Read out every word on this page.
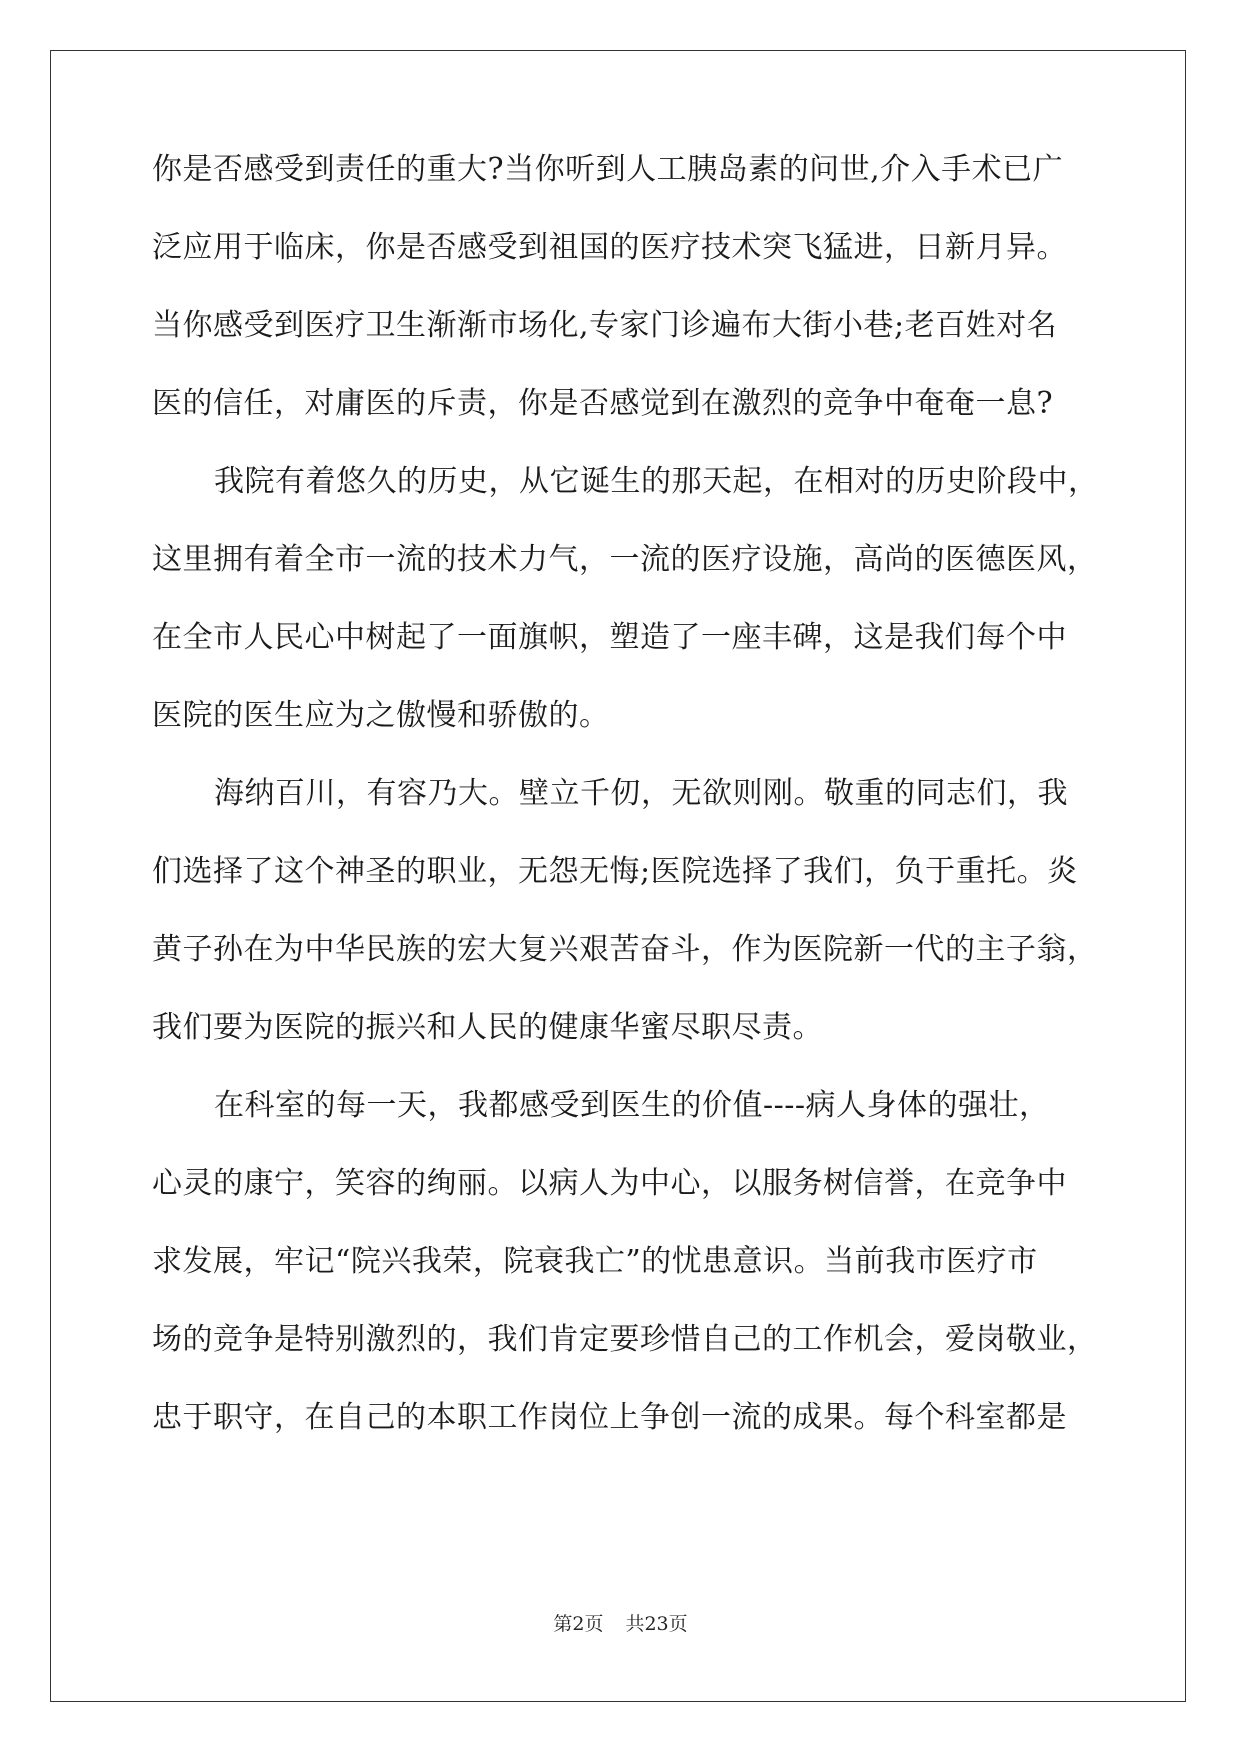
你是否感受到责任的重大?当你听到人工胰岛素的问世,介入手术已广
泛应用于临床，你是否感受到祖国的医疗技术突飞猛进，日新月异。
当你感受到医疗卫生渐渐市场化,专家门诊遍布大街小巷;老百姓对名
医的信任，对庸医的斥责，你是否感觉到在激烈的竞争中奄奄一息?
我院有着悠久的历史，从它诞生的那天起，在相对的历史阶段中，
这里拥有着全市一流的技术力气，一流的医疗设施，高尚的医德医风，
在全市人民心中树起了一面旗帜，塑造了一座丰碑，这是我们每个中
医院的医生应为之傲慢和骄傲的。
海纳百川，有容乃大。壁立千仞，无欲则刚。敬重的同志们，我
们选择了这个神圣的职业，无怨无悔;医院选择了我们，负于重托。炎
黄子孙在为中华民族的宏大复兴艰苦奋斗，作为医院新一代的主子翁，
我们要为医院的振兴和人民的健康华蜜尽职尽责。
在科室的每一天，我都感受到医生的价值----病人身体的强壮，
心灵的康宁，笑容的绚丽。以病人为中心，以服务树信誉，在竞争中
求发展，牢记“院兴我荣，院衰我亡”的忧患意识。当前我市医疗市
场的竞争是特别激烈的，我们肯定要珍惜自己的工作机会，爱岗敬业，
忠于职守，在自己的本职工作岗位上争创一流的成果。每个科室都是
第2页 共23页
